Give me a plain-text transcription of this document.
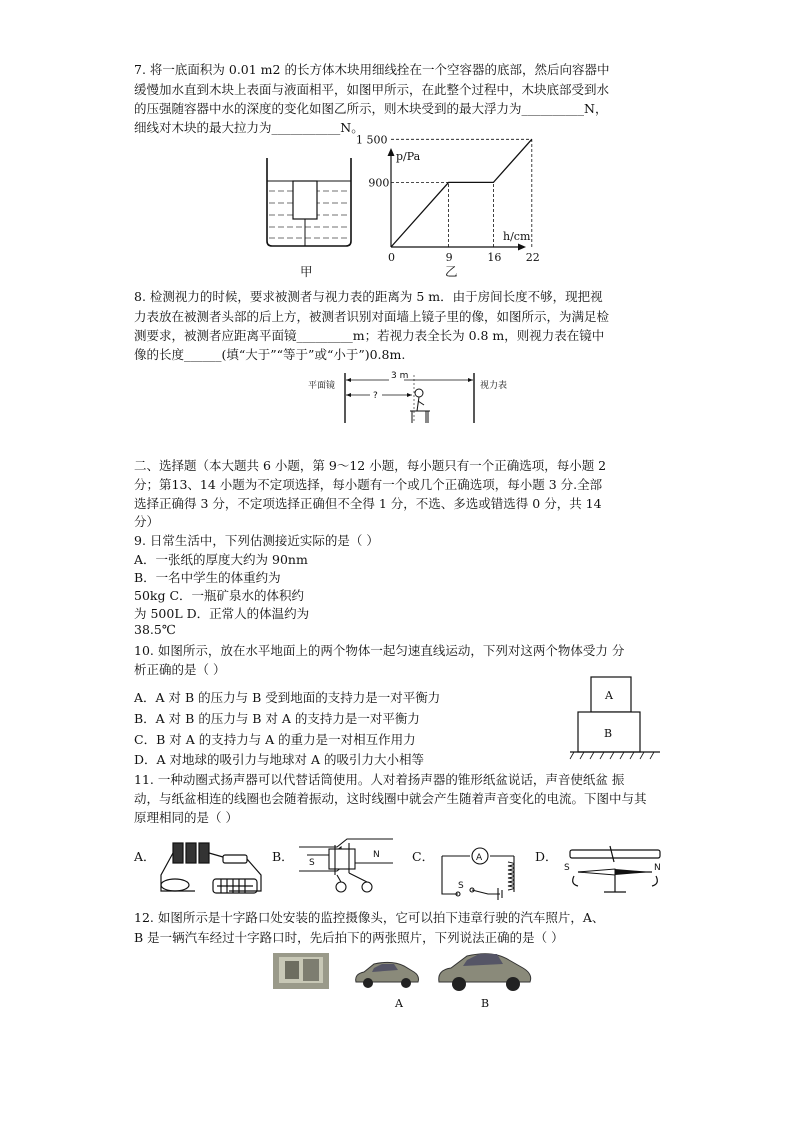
7. 将一底面积为 0.01 m2 的长方体木块用细线拴在一个空容器的底部，然后向容器中
缓慢加水直到木块上表面与液面相平，如图甲所示，在此整个过程中，木块底部受到水
的压强随容器中水的深度的变化如图乙所示，则木块受到的最大浮力为__________N，
细线对木块的最大拉力为___________N。
甲
p/Pa
h/cm
0	9	16 22
900
1 500
乙
8. 检测视力的时候，要求被测者与视力表的距离为 5 m．由于房间长度不够，现把视
力表放在被测者头部的后上方，被测者识别对面墙上镜子里的像，如图所示，为满足检
测要求，被测者应距离平面镜_________m；若视力表全长为 0.8 m，则视力表在镜中
像的长度______(填“大于”“等于”或“小于”)0.8m.
平面镜	视力表
3 m
?
二、选择题（本大题共 6 小题，第 9～12 小题，每小题只有一个正确选项，每小题 2
分；第13、14 小题为不定项选择，每小题有一个或几个正确选项，每小题 3 分.全部
选择正确得 3 分，不定项选择正确但不全得 1 分，不选、多选或错选得 0 分，共 14
分）
9. 日常生活中，下列估测接近实际的是（ ）
A．一张纸的厚度大约为 90nm
B．一名中学生的体重约为
50kg C．一瓶矿泉水的体积约
为 500L D．正常人的体温约为
38.5℃
10. 如图所示，放在水平地面上的两个物体一起匀速直线运动，下列对这两个物体受力 分
析正确的是（ ）
A．A 对 B 的压力与 B 受到地面的支持力是一对平衡力
B．A 对 B 的压力与 B 对 A 的支持力是一对平衡力
C．B 对 A 的支持力与 A 的重力是一对相互作用力
D．A 对地球的吸引力与地球对 A 的吸引力大小相等
A
B
11. 一种动圈式扬声器可以代替话筒使用。人对着扬声器的锥形纸盆说话，声音使纸盆 振
动，与纸盆相连的线圈也会随着振动，这时线圈中就会产生随着声音变化的电流。下图中与其
原理相同的是（ ）
A．	B． S
N	C．	A
S
D．
S	N
12. 如图所示是十字路口处安装的监控摄像头，它可以拍下违章行驶的汽车照片，A、
B 是一辆汽车经过十字路口时，先后拍下的两张照片，下列说法正确的是（ ）
A	B
